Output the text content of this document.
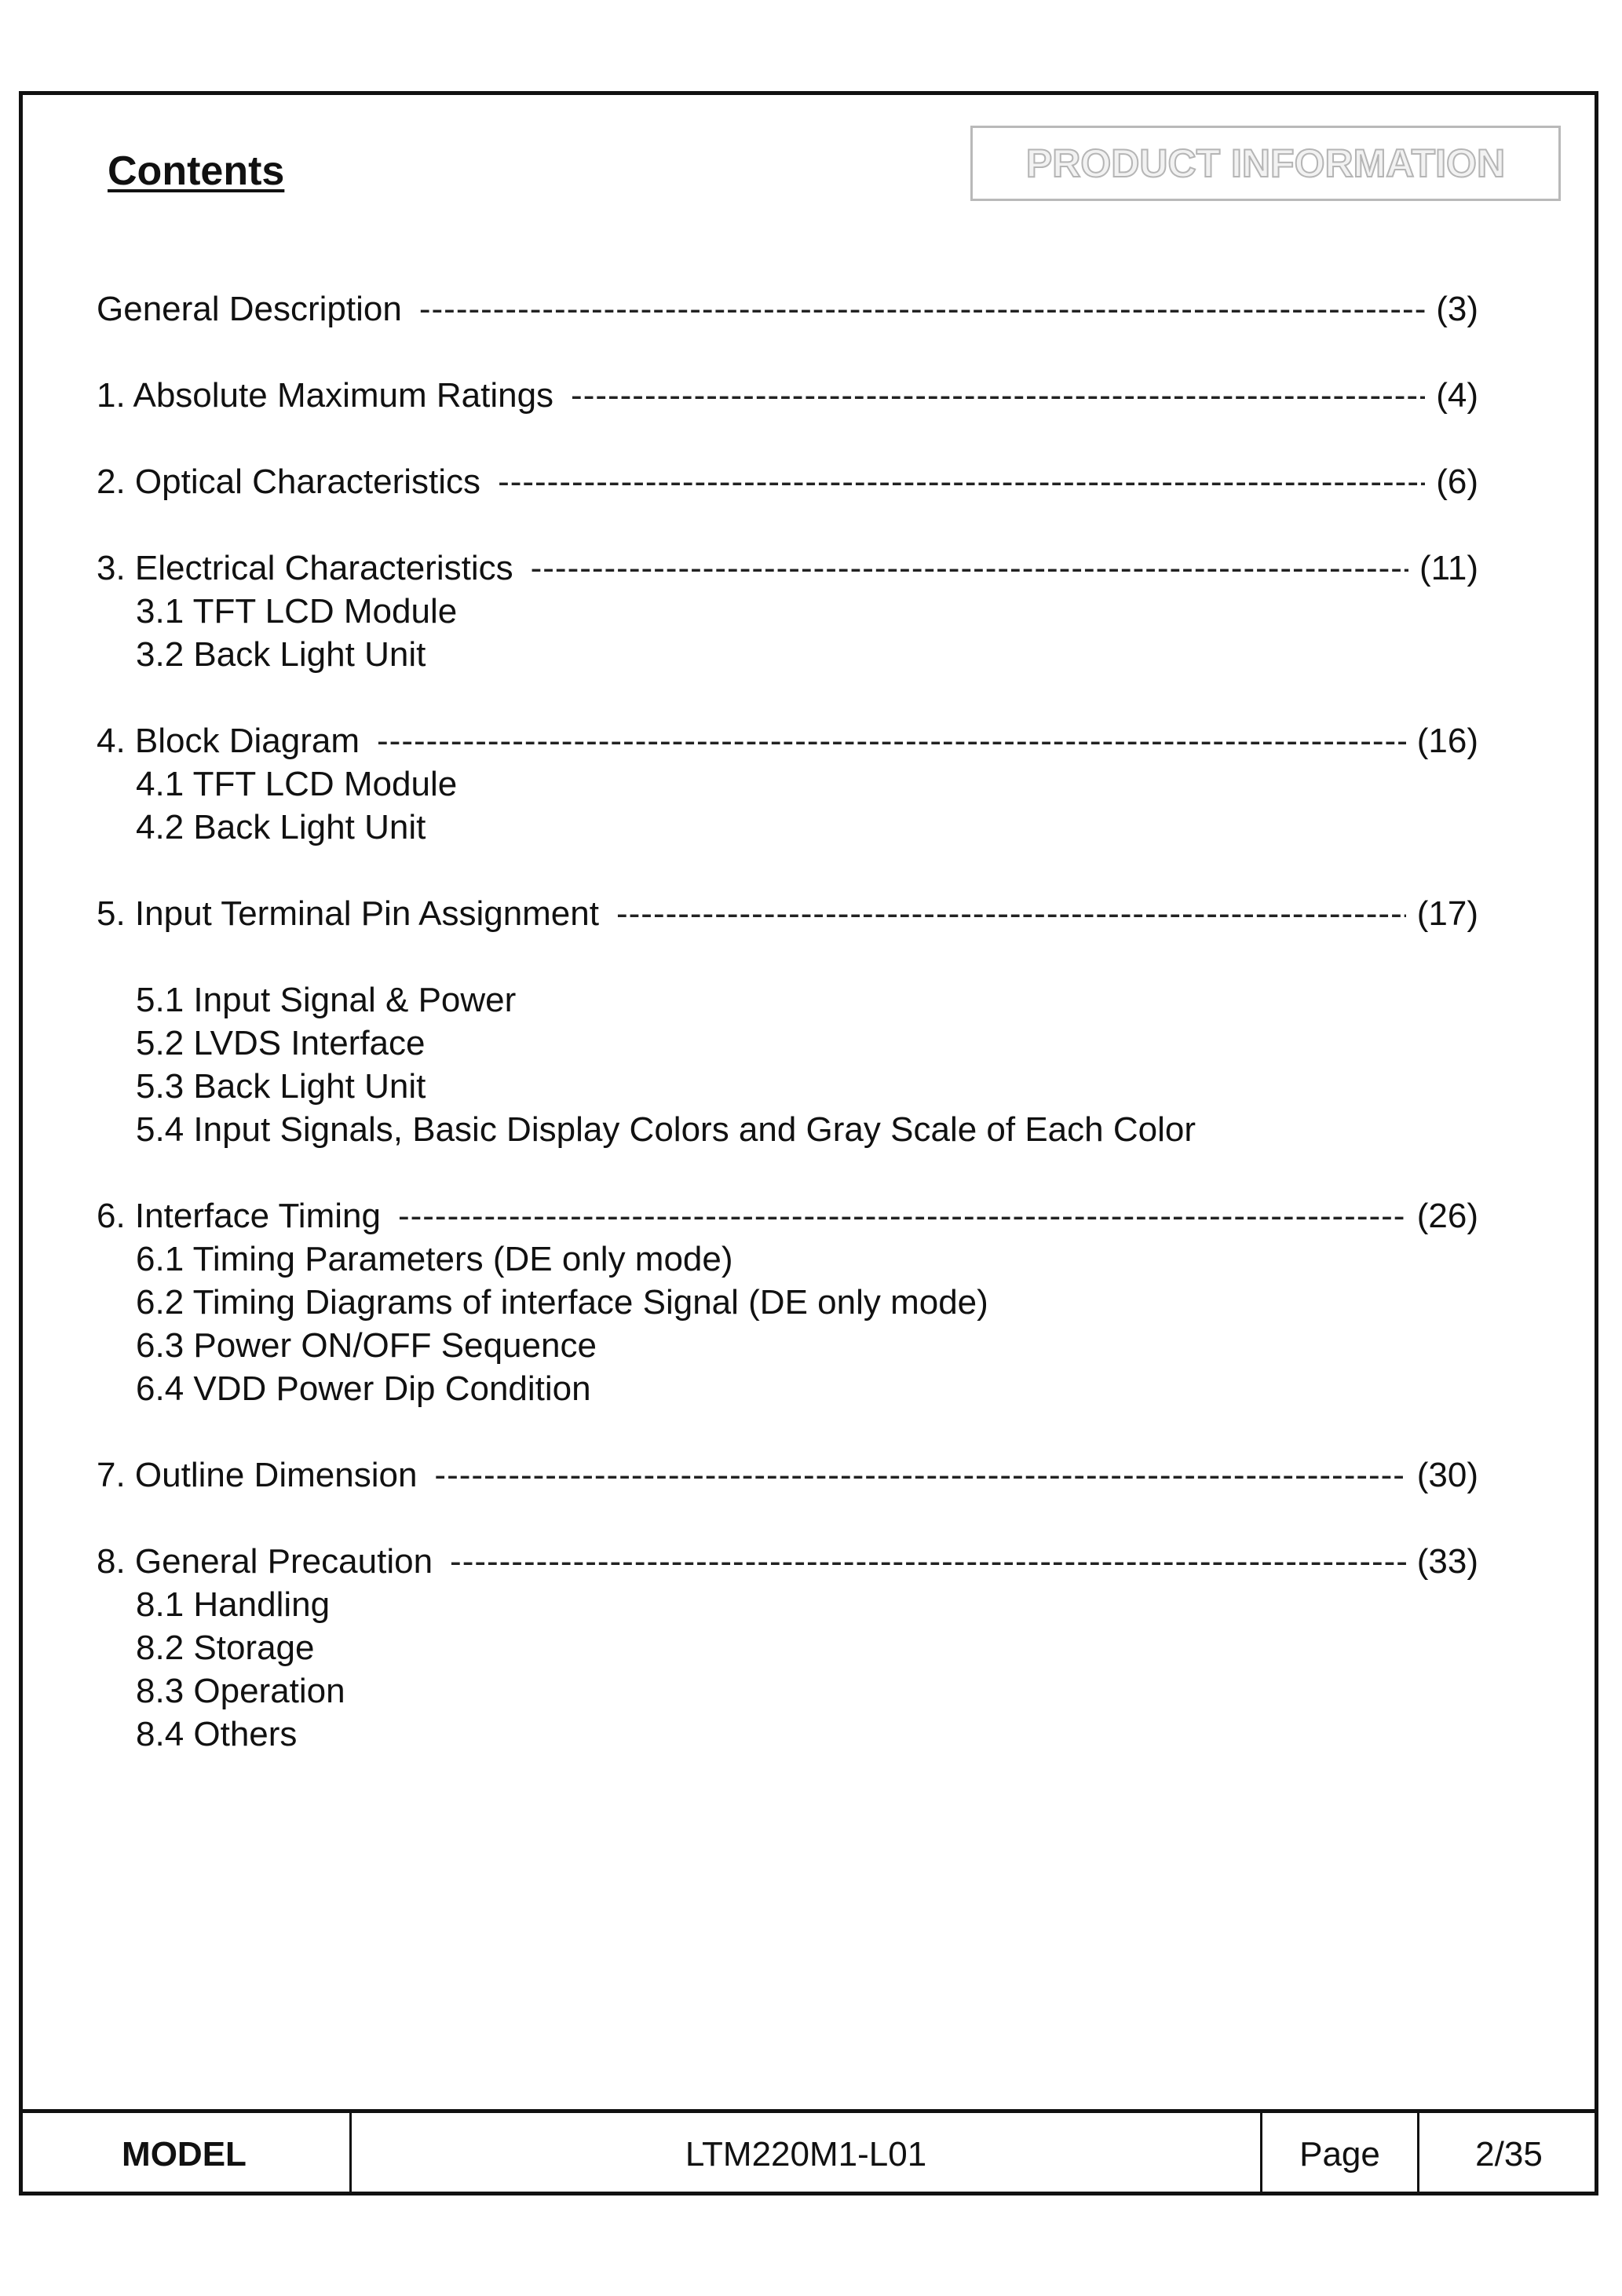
Contents	PRODUCT INFORMATION
General Description -----	(3)
1. Absolute Maximum Ratings -----	(4)
2. Optical Characteristics -----	(6)
3. Electrical Characteristics -----	(11)
3.1 TFT LCD Module
3.2 Back Light Unit
4. Block Diagram -----	(16)
4.1 TFT LCD Module
4.2 Back Light Unit
5. Input Terminal Pin Assignment -----	(17)
5.1 Input Signal & Power
5.2 LVDS Interface
5.3 Back Light Unit
5.4 Input Signals, Basic Display Colors and Gray Scale of Each Color
6. Interface Timing -----	(26)
6.1 Timing Parameters (DE only mode)
6.2 Timing Diagrams of interface Signal (DE only mode)
6.3 Power ON/OFF Sequence
6.4 VDD Power Dip Condition
7. Outline Dimension -----	(30)
8. General Precaution -----	(33)
8.1 Handling
8.2 Storage
8.3 Operation
8.4 Others
MODEL	LTM220M1-L01	Page	2/35
